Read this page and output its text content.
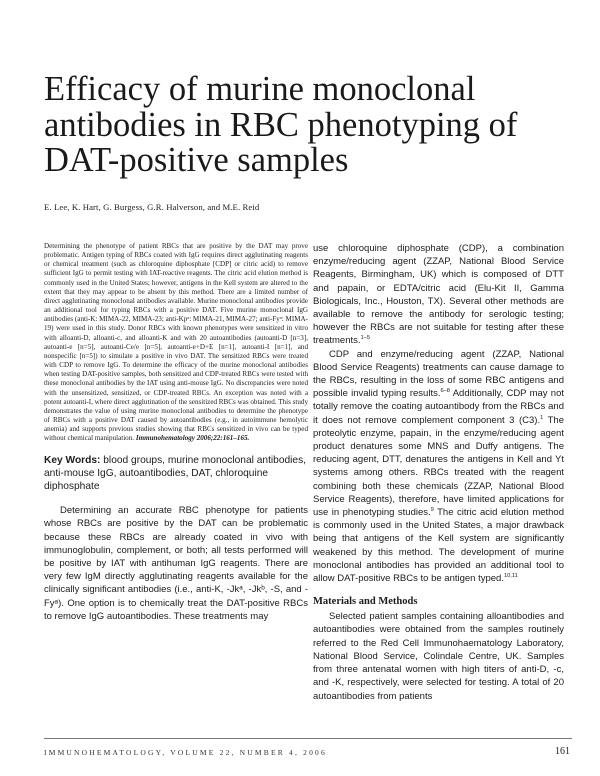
Efficacy of murine monoclonal antibodies in RBC phenotyping of DAT-positive samples
E. Lee, K. Hart, G. Burgess, G.R. Halverson, and M.E. Reid

Determining the phenotype of patient RBCs that are positive by the DAT may prove problematic. Antigen typing of RBCs coated with IgG requires direct agglutinating reagents or chemical treatment (such as chloroquine diphosphate [CDP] or citric acid) to remove sufficient IgG to permit testing with IAT-reactive reagents. The citric acid elution method is commonly used in the United States; however, antigens in the Kell system are altered to the extent that they may appear to be absent by this method. There are a limited number of direct agglutinating monoclonal antibodies available. Murine monoclonal antibodies provide an additional tool for typing RBCs with a positive DAT. Five murine monoclonal IgG antibodies (anti-K: MIMA-22, MIMA-23; anti-Kpᵃ: MIMA-21, MIMA-27; anti-Fyᵃ: MIMA-19) were used in this study. Donor RBCs with known phenotypes were sensitized in vitro with alloanti-D, alloanti-c, and alloanti-K and with 20 autoantibodies (autoanti-D [n=3], autoanti-e [n=5], autoanti-Ce/e [n=5], autoanti-e+D+E [n=1], autoanti-I [n=1], and nonspecific [n=5]) to simulate a positive in vivo DAT. The sensitized RBCs were treated with CDP to remove IgG. To determine the efficacy of the murine monoclonal antibodies when testing DAT-positive samples, both sensitized and CDP-treated RBCs were tested with these monoclonal antibodies by the IAT using anti-mouse IgG. No discrepancies were noted with the unsensitized, sensitized, or CDP-treated RBCs. An exception was noted with a potent autoanti-I, where direct agglutination of the sensitized RBCs was obtained. This study demonstrates the value of using murine monoclonal antibodies to determine the phenotype of RBCs with a positive DAT caused by autoantibodies (e.g., in autoimmune hemolytic anemia) and supports previous studies showing that RBCs sensitized in vivo can be typed without chemical manipulation. Immunohematology 2006;22:161–165.

Key Words: blood groups, murine monoclonal antibodies, anti-mouse IgG, autoantibodies, DAT, chloroquine diphosphate

Determining an accurate RBC phenotype for patients whose RBCs are positive by the DAT can be problematic because these RBCs are already coated in vivo with immunoglobulin, complement, or both; all tests performed will be positive by IAT with antihuman IgG reagents. There are very few IgM directly agglutinating reagents available for the clinically significant antibodies (i.e., anti-K, -Jkᵃ, -Jkᵇ, -S, and -Fyᵃ). One option is to chemically treat the DAT-positive RBCs to remove IgG autoantibodies. These treatments may

use chloroquine diphosphate (CDP), a combination enzyme/reducing agent (ZZAP, National Blood Service Reagents, Birmingham, UK) which is composed of DTT and papain, or EDTA/citric acid (Elu-Kit II, Gamma Biologicals, Inc., Houston, TX). Several other methods are available to remove the antibody for serologic testing; however the RBCs are not suitable for testing after these treatments.$^{1-5}$

CDP and enzyme/reducing agent (ZZAP, National Blood Service Reagents) treatments can cause damage to the RBCs, resulting in the loss of some RBC antigens and possible invalid typing results.$^{6-8}$ Additionally, CDP may not totally remove the coating autoantibody from the RBCs and it does not remove complement component 3 (C3).$^1$ The proteolytic enzyme, papain, in the enzyme/reducing agent product denatures some MNS and Duffy antigens. The reducing agent, DTT, denatures the antigens in Kell and Yt systems among others. RBCs treated with the reagent combining both these chemicals (ZZAP, National Blood Service Reagents), therefore, have limited applications for use in phenotyping studies.$^9$ The citric acid elution method is commonly used in the United States, a major drawback being that antigens of the Kell system are significantly weakened by this method. The development of murine monoclonal antibodies has provided an additional tool to allow DAT-positive RBCs to be antigen typed.$^{10,11}$

Materials and Methods

Selected patient samples containing alloantibodies and autoantibodies were obtained from the samples routinely referred to the Red Cell Immunohaematology Laboratory, National Blood Service, Colindale Centre, UK. Samples from three antenatal women with high titers of anti-D, -c, and -K, respectively, were selected for testing. A total of 20 autoantibodies from patients

IMMUNOHEMATOLOGY, VOLUME 22, NUMBER 4, 2006	161
